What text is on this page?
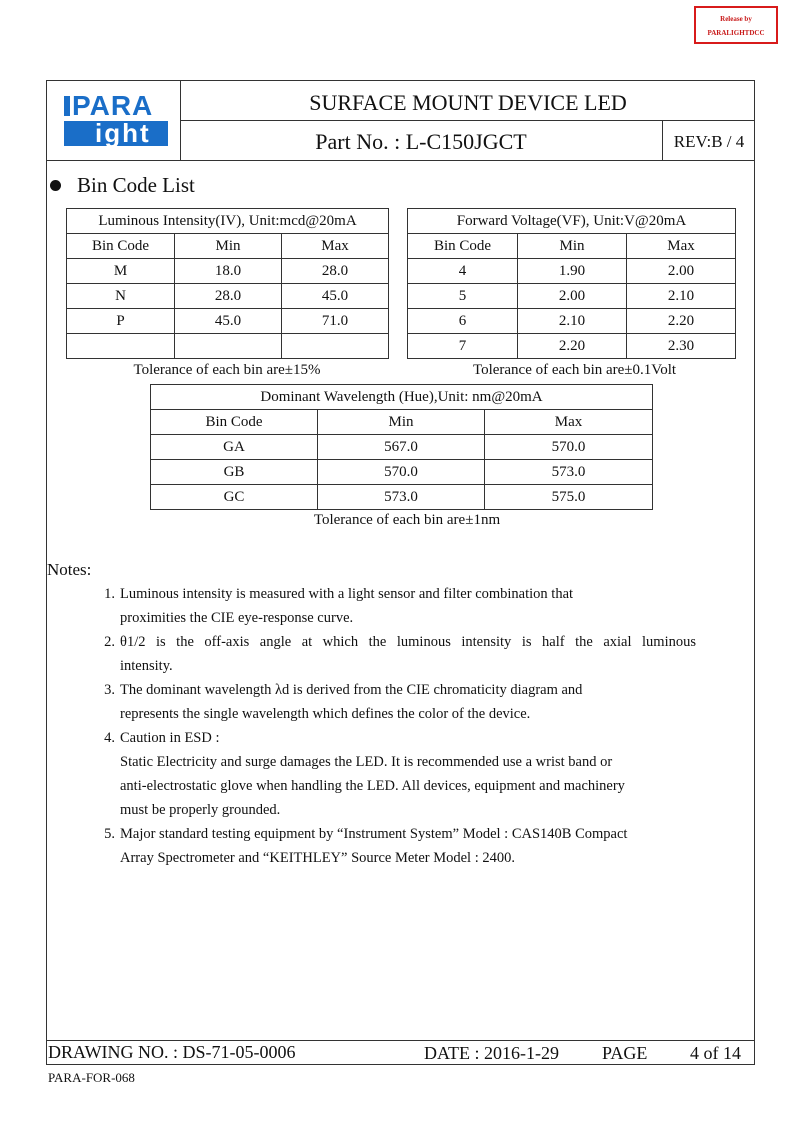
Release by
PARALIGHTDCC
PARA
ight
SURFACE MOUNT DEVICE LED
Part No. : L-C150JGCT	REV:B / 4
Bin Code List
Luminous Intensity(IV), Unit:mcd@20mA		
Bin Code	Min	Max
M	18.0	28.0
N	28.0	45.0
P	45.0	71.0

Tolerance of each bin are±15%
Forward Voltage(VF), Unit:V@20mA		
Bin Code	Min	Max
4	1.90	2.00
5	2.00	2.10
6	2.10	2.20
7	2.20	2.30
Tolerance of each bin are±0.1Volt
Dominant Wavelength (Hue),Unit: nm@20mA		
Bin Code	Min	Max
GA	567.0	570.0
GB	570.0	573.0
GC	573.0	575.0
Tolerance of each bin are±1nm
Notes:
1. Luminous intensity is measured with a light sensor and filter combination that
proximities the CIE eye-response curve.
2. θ1/2 is the off-axis angle at which the luminous intensity is half the axial luminous
intensity.
3. The dominant wavelength λd is derived from the CIE chromaticity diagram and
represents the single wavelength which defines the color of the device.
4. Caution in ESD :
Static Electricity and surge damages the LED. It is recommended use a wrist band or
anti-electrostatic glove when handling the LED. All devices, equipment and machinery
must be properly grounded.
5. Major standard testing equipment by “Instrument System” Model : CAS140B Compact
Array Spectrometer and “KEITHLEY” Source Meter Model : 2400.
DRAWING NO. : DS-71-05-0006	DATE : 2016-1-29 PAGE 4 of 14
PARA-FOR-068
